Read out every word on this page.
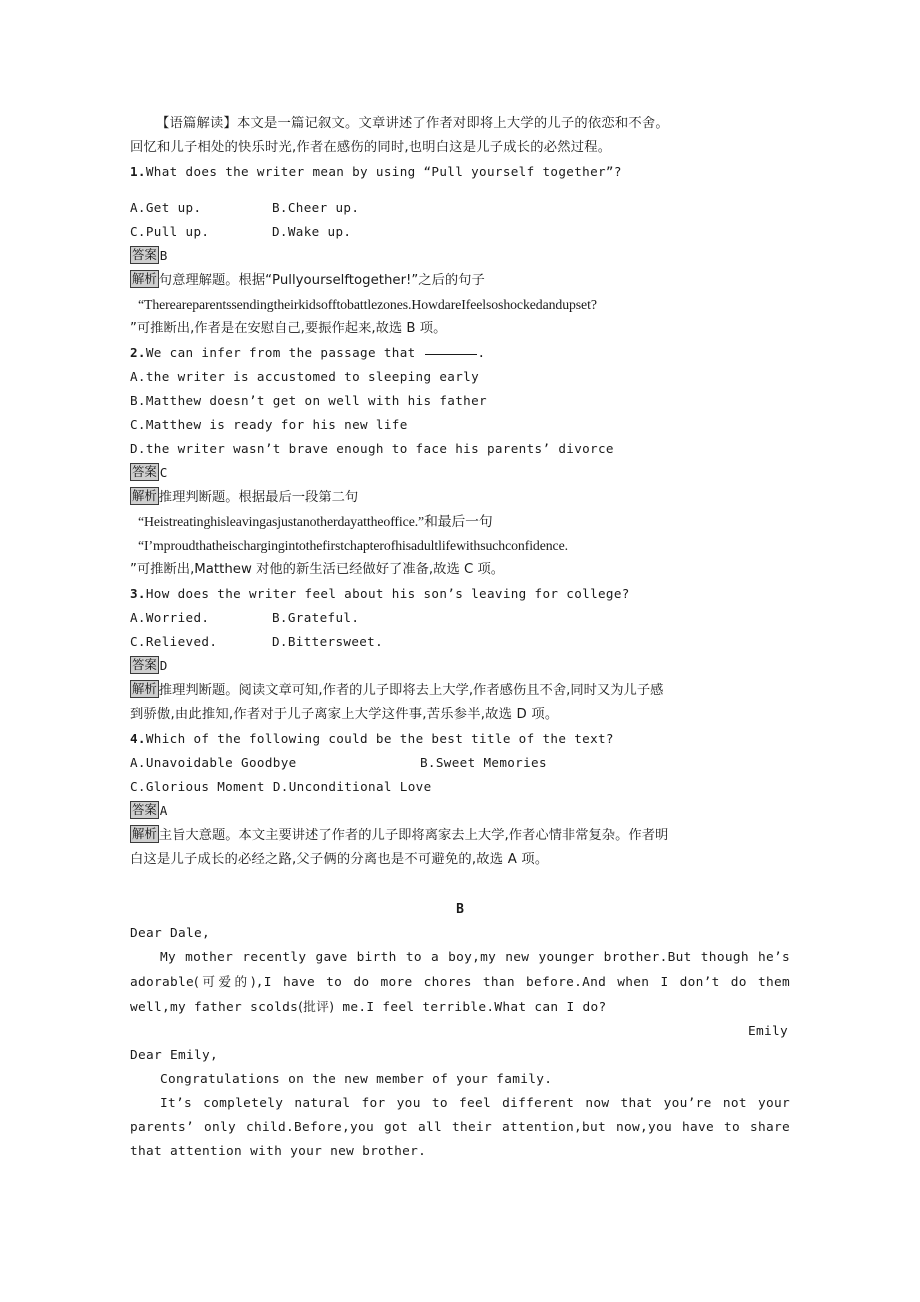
【语篇解读】本文是一篇记叙文。文章讲述了作者对即将上大学的儿子的依恋和不舍。
回忆和儿子相处的快乐时光,作者在感伤的同时,也明白这是儿子成长的必然过程。
1.What does the writer mean by using “Pull yourself together”?
A.Get up.	B.Cheer up.
C.Pull up.	D.Wake up.
答案 B
解析 句意理解题。根据“Pullyourselftogether!”之后的句子
“Thereareparentssendingtheirkidsofftobattlezones.HowdareIfeelsoshockedandupset?
”可推断出,作者是在安慰自己,要振作起来,故选 B 项。
2.We can infer from the passage that	.
A.the writer is accustomed to sleeping early
B.Matthew doesn’t get on well with his father
C.Matthew is ready for his new life
D.the writer wasn’t brave enough to face his parents’ divorce
答案 C
解析 推理判断题。根据最后一段第二句
“Heistreatinghisleavingasjustanotherdayattheoffice.”和最后一句
“I’mproudthatheischargingintothefirstchapterofhisadultlifewithsuchconfidence.
”可推断出,Matthew 对他的新生活已经做好了准备,故选 C 项。
3.How does the writer feel about his son’s leaving for college?
A.Worried.	B.Grateful.
C.Relieved.	D.Bittersweet.
答案 D
解析 推理判断题。阅读文章可知,作者的儿子即将去上大学,作者感伤且不舍,同时又为儿子感
到骄傲,由此推知,作者对于儿子离家上大学这件事,苦乐参半,故选 D 项。
4.Which of the following could be the best title of the text?
A.Unavoidable Goodbye	B.Sweet Memories
C.Glorious Moment D.Unconditional Love
答案 A
解析 主旨大意题。本文主要讲述了作者的儿子即将离家去上大学,作者心情非常复杂。作者明
白这是儿子成长的必经之路,父子俩的分离也是不可避免的,故选 A 项。
B
Dear Dale,
My mother recently gave birth to a boy,my new younger brother.But though he’s adorable(可爱的),I have to do more chores than before.And when I don’t do them well,my father scolds(批评) me.I feel terrible.What can I do?
Emily
Dear Emily,
Congratulations on the new member of your family.
It’s completely natural for you to feel different now that you’re not your parents’ only child.Before,you got all their attention,but now,you have to share that attention with your new brother.
